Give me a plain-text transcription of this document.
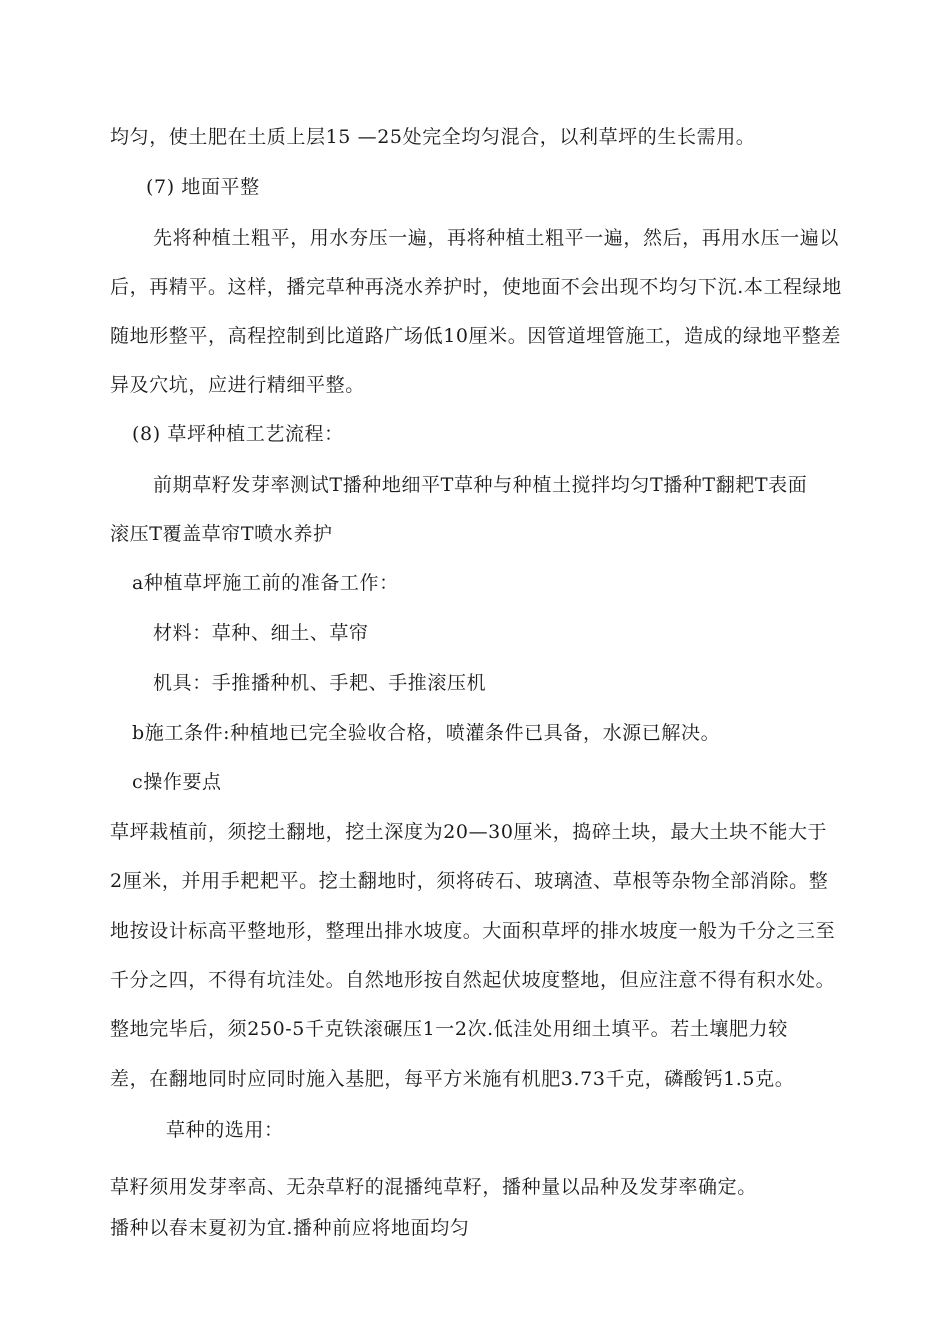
均匀，使土肥在土质上层15 —25处完全均匀混合，以利草坪的生长需用。
(7) 地面平整
先将种植土粗平，用水夯压一遍，再将种植土粗平一遍，然后，再用水压一遍以
后，再精平。这样，播完草种再浇水养护时，使地面不会出现不均匀下沉.本工程绿地
随地形整平，高程控制到比道路广场低10厘米。因管道埋管施工，造成的绿地平整差
异及穴坑，应进行精细平整。
(8) 草坪种植工艺流程：
前期草籽发芽率测试T播种地细平T草种与种植土搅拌均匀T播种T翻耙T表面
滚压T覆盖草帘T喷水养护
a种植草坪施工前的准备工作：
材料：草种、细土、草帘
机具：手推播种机、手耙、手推滚压机
b施工条件:种植地已完全验收合格，喷灌条件已具备，水源已解决。
c操作要点
草坪栽植前，须挖土翻地，挖土深度为20—30厘米，捣碎土块，最大土块不能大于
2厘米，并用手耙耙平。挖土翻地时，须将砖石、玻璃渣、草根等杂物全部消除。整
地按设计标高平整地形，整理出排水坡度。大面积草坪的排水坡度一般为千分之三至
千分之四，不得有坑洼处。自然地形按自然起伏坡度整地，但应注意不得有积水处。
整地完毕后，须250-5千克铁滚碾压1一2次.低洼处用细土填平。若土壤肥力较
差，在翻地同时应同时施入基肥，每平方米施有机肥3.73千克，磷酸钙1.5克。
草种的选用：
草籽须用发芽率高、无杂草籽的混播纯草籽，播种量以品种及发芽率确定。
播种以春末夏初为宜.播种前应将地面均匀
